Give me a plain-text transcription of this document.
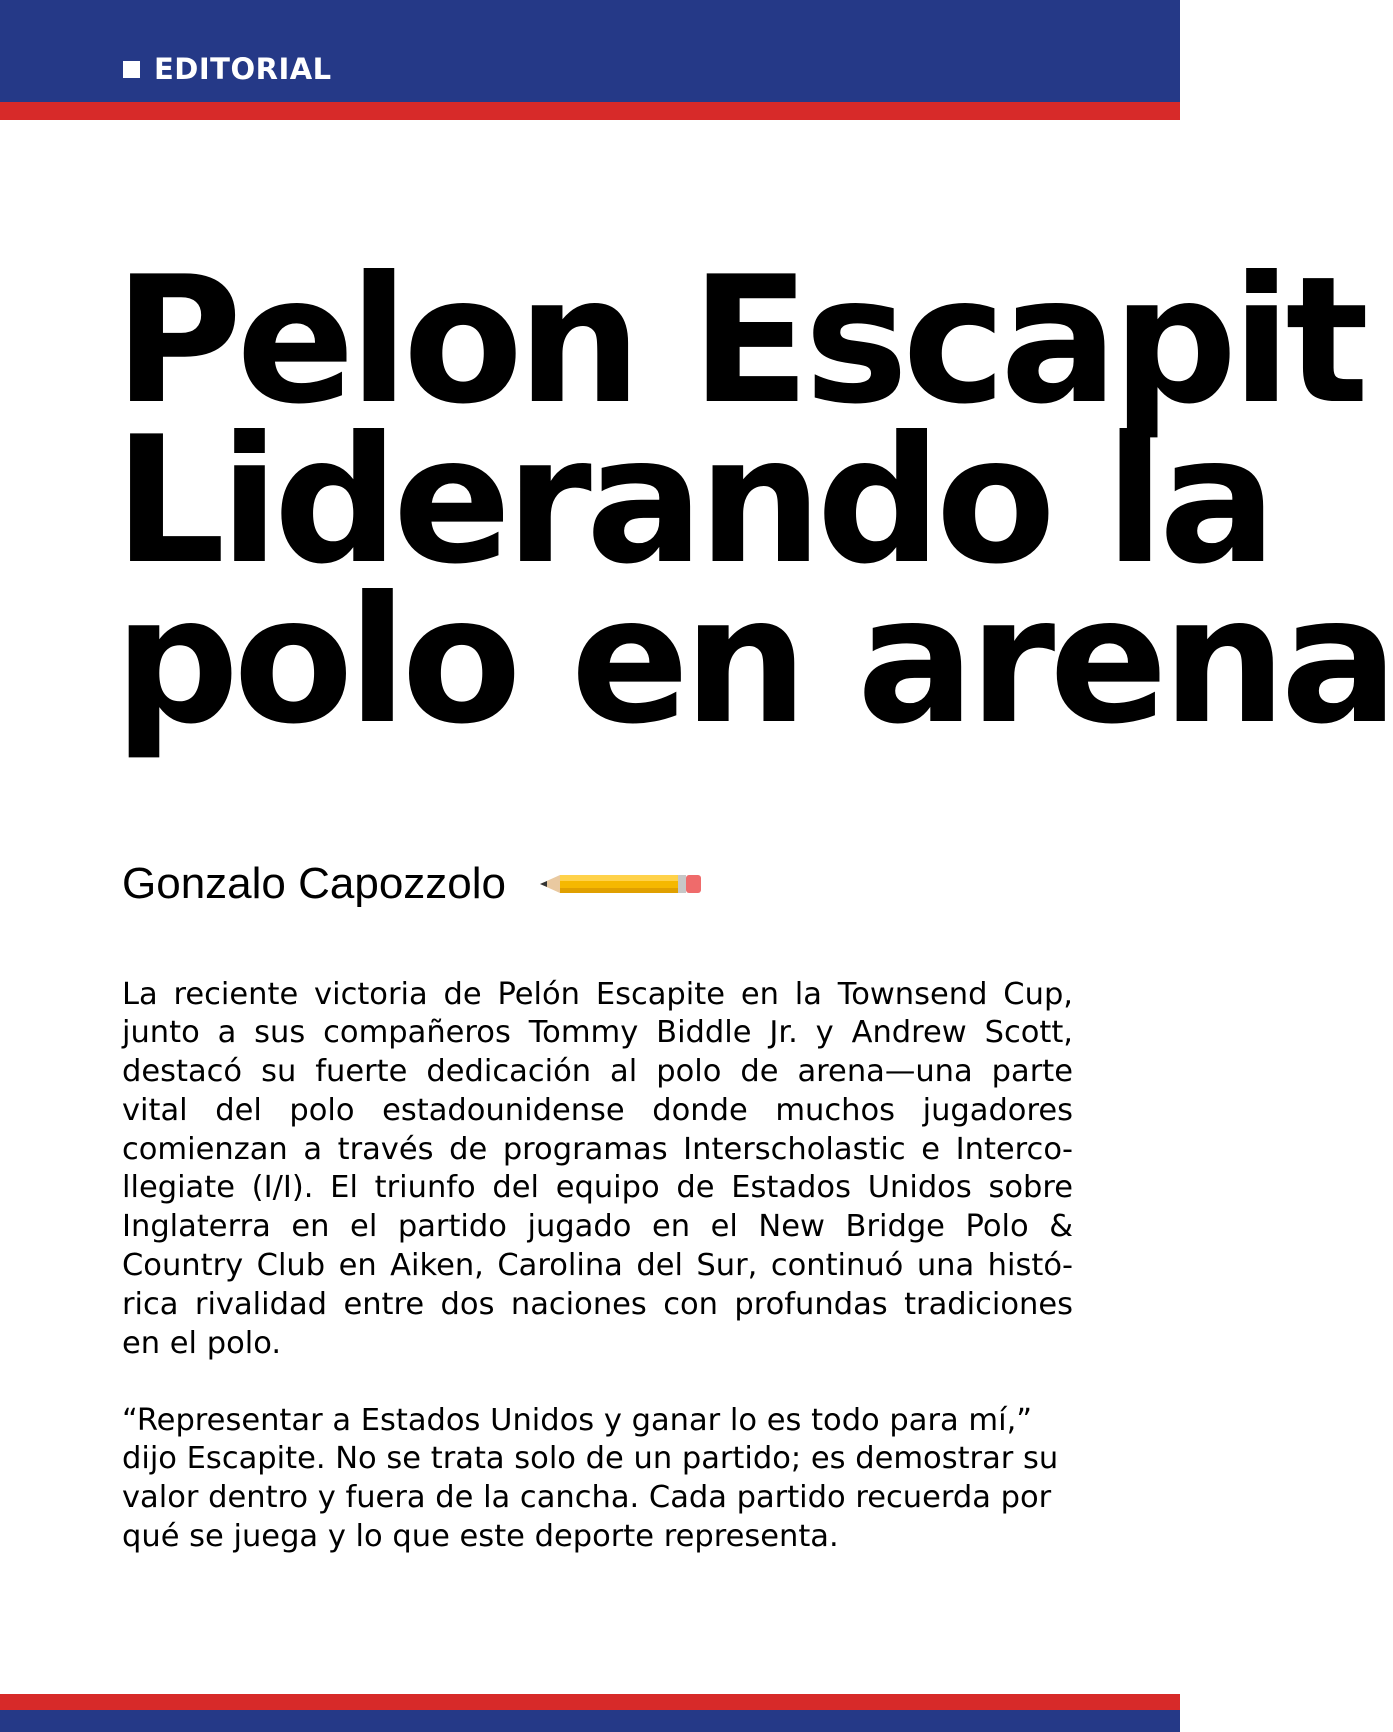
EDITORIAL
Pelon Escapit
Liderando la
polo en arena
Gonzalo Capozzolo

La reciente victoria de Pelón Escapite en la Townsend Cup, junto a sus compañeros Tommy Biddle Jr. y Andrew Scott, destacó su fuerte dedicación al polo de arena—una parte vital del polo estadounidense donde muchos jugadores comienzan a través de programas Interscholastic e Intercollegiate (I/I). El triunfo del equipo de Estados Unidos sobre Inglaterra en el partido jugado en el New Bridge Polo & Country Club en Aiken, Carolina del Sur, continuó una histórica rivalidad entre dos naciones con profundas tradiciones en el polo.

“Representar a Estados Unidos y ganar lo es todo para mí,” dijo Escapite. No se trata solo de un partido; es demostrar su valor dentro y fuera de la cancha. Cada partido recuerda por qué se juega y lo que este deporte representa.
